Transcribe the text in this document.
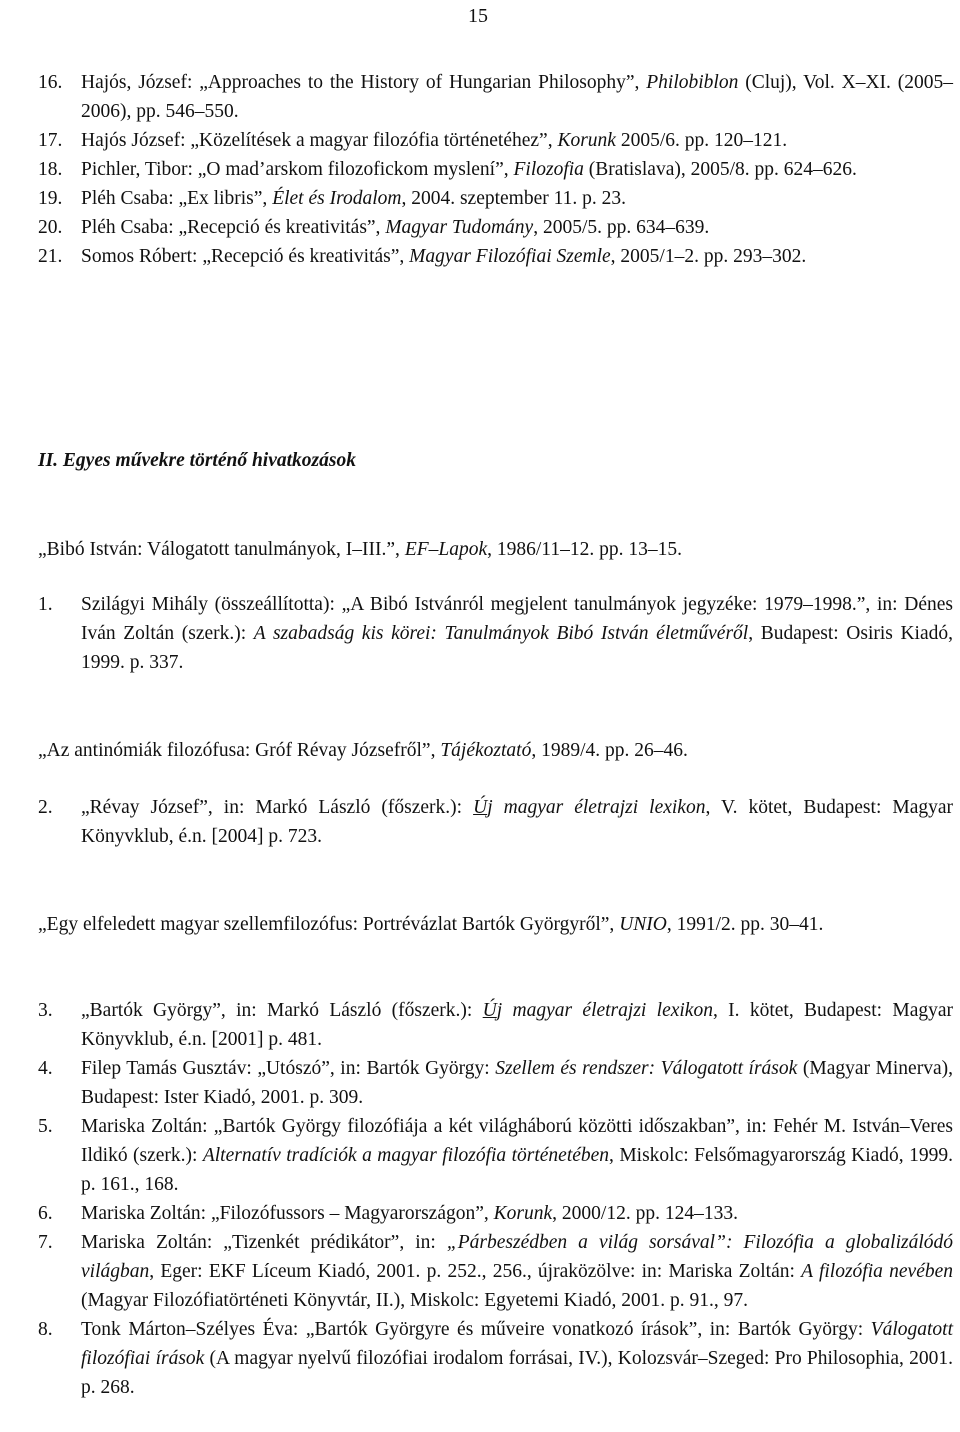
15
16. Hajós, József: „Approaches to the History of Hungarian Philosophy”, Philobiblon (Cluj), Vol. X–XI. (2005–2006), pp. 546–550.
17. Hajós József: „Közelítések a magyar filozófia történetéhez”, Korunk 2005/6. pp. 120–121.
18. Pichler, Tibor: „O mad’arskom filozofickom myslení”, Filozofia (Bratislava), 2005/8. pp. 624–626.
19. Pléh Csaba: „Ex libris”, Élet és Irodalom, 2004. szeptember 11. p. 23.
20. Pléh Csaba: „Recepció és kreativitás”, Magyar Tudomány, 2005/5. pp. 634–639.
21. Somos Róbert: „Recepció és kreativitás”, Magyar Filozófiai Szemle, 2005/1–2. pp. 293–302.
II. Egyes művekre történő hivatkozások
„Bibó István: Válogatott tanulmányok, I–III.”, EF–Lapok, 1986/11–12. pp. 13–15.
1.	Szilágyi Mihály (összeállította): „A Bibó Istvánról megjelent tanulmányok jegyzéke: 1979–1998.”, in: Dénes Iván Zoltán (szerk.): A szabadság kis körei: Tanulmányok Bibó István életművéről, Budapest: Osiris Kiadó, 1999. p. 337.
„Az antinómiák filozófusa: Gróf Révay Józsefről”, Tájékoztató, 1989/4. pp. 26–46.
2.	„Révay József”, in: Markó László (főszerk.): Új magyar életrajzi lexikon, V. kötet, Budapest: Magyar Könyvklub, é.n. [2004] p. 723.
„Egy elfeledett magyar szellemfilozófus: Portrévázlat Bartók Györgyről”, UNIO, 1991/2. pp. 30–41.
3.	„Bartók György”, in: Markó László (főszerk.): Új magyar életrajzi lexikon, I. kötet, Budapest: Magyar Könyvklub, é.n. [2001] p. 481.
4.	Filep Tamás Gusztáv: „Utószó”, in: Bartók György: Szellem és rendszer: Válogatott írások (Magyar Minerva), Budapest: Ister Kiadó, 2001. p. 309.
5.	Mariska Zoltán: „Bartók György filozófiája a két világháború közötti időszakban”, in: Fehér M. István–Veres Ildikó (szerk.): Alternatív tradíciók a magyar filozófia történetében, Miskolc: Felsőmagyarország Kiadó, 1999. p. 161., 168.
6.	Mariska Zoltán: „Filozófussors – Magyarországon”, Korunk, 2000/12. pp. 124–133.
7.	Mariska Zoltán: „Tizenkét prédikátor”, in: „Párbeszédben a világ sorsával”: Filozófia a globalizálódó világban, Eger: EKF Líceum Kiadó, 2001. p. 252., 256., újraközölve: in: Mariska Zoltán: A filozófia nevében (Magyar Filozófiatörténeti Könyvtár, II.), Miskolc: Egyetemi Kiadó, 2001. p. 91., 97.
8.	Tonk Márton–Szélyes Éva: „Bartók Györgyre és műveire vonatkozó írások”, in: Bartók György: Válogatott filozófiai írások (A magyar nyelvű filozófiai irodalom forrásai, IV.), Kolozsvár–Szeged: Pro Philosophia, 2001. p. 268.
